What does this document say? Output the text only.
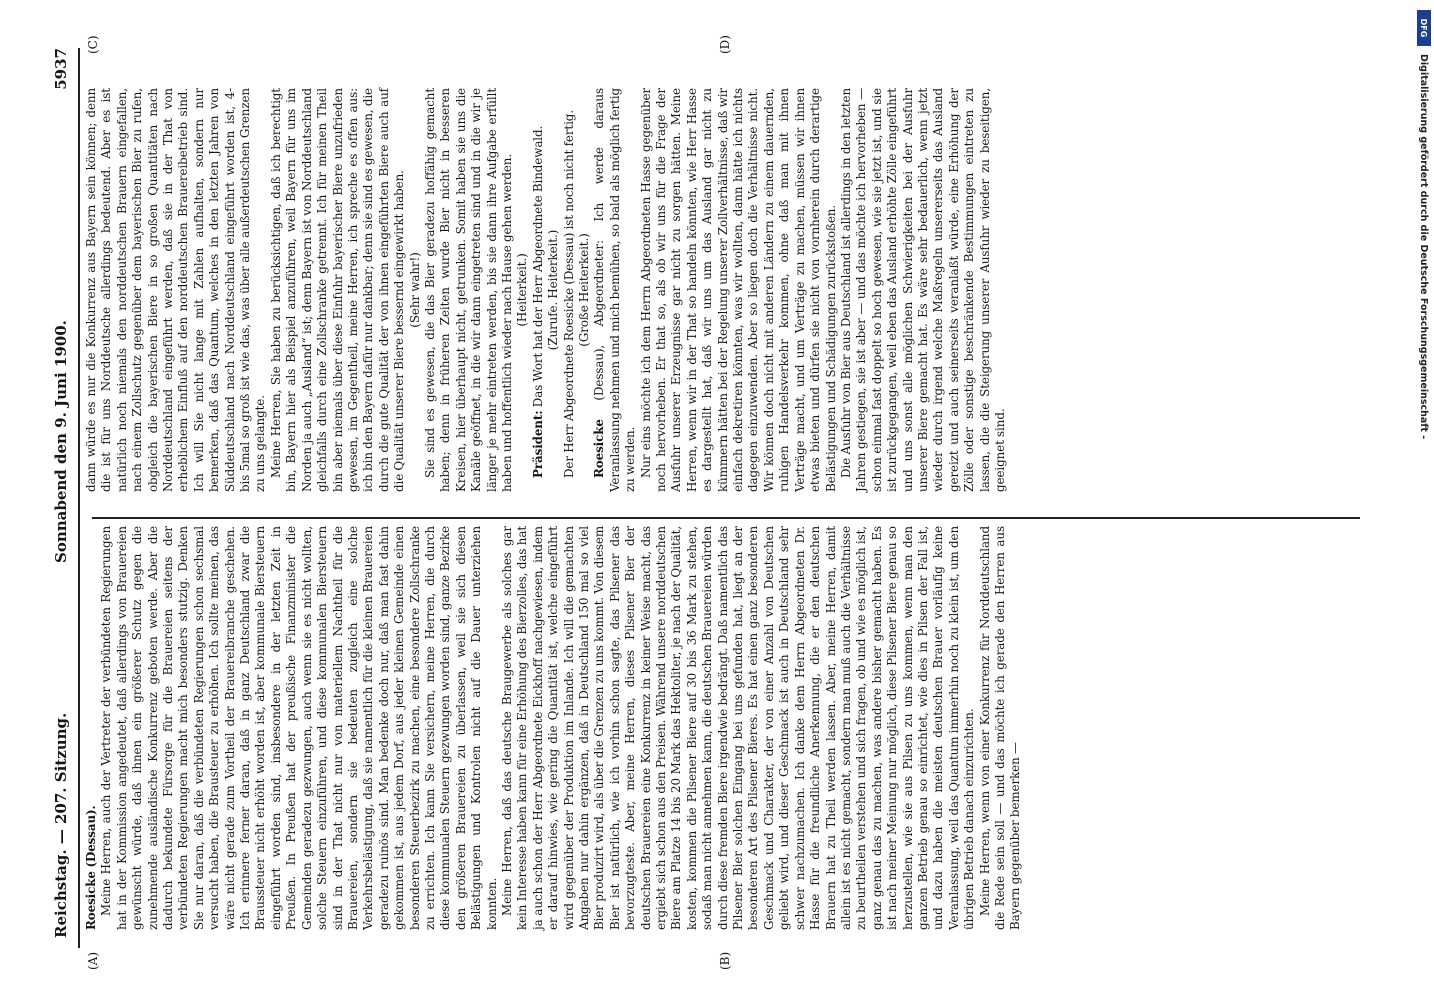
Reichstag. — 207. Sitzung.
Sonnabend den 9. Juni 1900.
5937
(A)	(B)
(C)	(D)

Roesicke (Dessau). Meine Herren, auch der Vertreter der verbündeten Regierungen hat in der Kommission angedeutet, daß allerdings von Brauereien gewünscht würde, daß ihnen ein größerer Schutz gegen die zunehmende ausländische Konkurrenz geboten werde. Aber die dadurch bekundete Fürsorge für die Brauereien seitens der verbündeten Regierungen macht mich besonders stutzig. Denken Sie nur daran, daß die verbündeten Regierungen schon sechsmal versucht haben, die Brausteuer zu erhöhen. Ich sollte meinen, das wäre nicht gerade zum Vortheil der Brauereibranche geschehen. Ich erinnere ferner daran, daß in ganz Deutschland zwar die Braussteuer nicht erhöht worden ist, aber kommunale Biersteuern eingeführt worden sind, insbesondere in der letzten Zeit in Preußen. In Preußen hat der preußische Finanzminister die Gemeinden geradezu gezwungen, auch wenn sie es nicht wollten, solche Steuern einzuführen, und diese kommunalen Biersteuern sind in der That nicht nur von materiellem Nachtheil für die Brauereien, sondern sie bedeuten zugleich eine solche Verkehrsbelästigung, daß sie namentlich für die kleinen Brauereien geradezu ruinös sind. Man bedenke doch nur, daß man fast dahin gekommen ist, aus jedem Dorf, aus jeder kleinen Gemeinde einen besonderen Steuerbezirk zu machen, eine besondere Zollschranke zu errichten. Ich kann Sie versichern, meine Herren, die durch diese kommunalen Steuern gezwungen worden sind, ganze Bezirke den größeren Brauereien zu überlassen, weil sie sich diesen Belästigungen und Kontrolen nicht auf die Dauer unterziehen konnten. Meine Herren, daß das deutsche Braugewerbe als solches gar kein Interesse haben kann für eine Erhöhung des Bierzolles, das hat ja auch schon der Herr Abgeordnete Eickhoff nachgewiesen, indem er darauf hinwies, wie gering die Quantität ist, welche eingeführt wird gegenüber der Produktion im Inlande. Ich will die gemachten Angaben nur dahin ergänzen, daß in Deutschland 150 mal so viel Bier produzirt wird, als über die Grenzen zu uns kommt. Von diesem Bier ist natürlich, wie ich vorhin schon sagte, das Pilsener das bevorzugteste. Aber, meine Herren, dieses Pilsener Bier der deutschen Brauereien eine Konkurrenz in keiner Weise macht, das ergiebt sich schon aus den Preisen. Während unsere norddeutschen Biere am Platze 14 bis 20 Mark das Hektoliter, je nach der Qualität, kosten, kommen die Pilsener Biere auf 30 bis 36 Mark zu stehen, sodaß man nicht annehmen kann, die deutschen Brauereien würden durch diese fremden Biere irgendwie bedrängt. Daß namentlich das Pilsener Bier solchen Eingang bei uns gefunden hat, liegt an der besonderen Art des Pilsener Bieres. Es hat einen ganz besonderen Geschmack und Charakter, der von einer Anzahl von Deutschen geliebt wird, und dieser Geschmack ist auch in Deutschland sehr schwer nachzumachen. Ich danke dem Herrn Abgeordneten Dr. Hasse für die freundliche Anerkennung, die er den deutschen Brauern hat zu Theil werden lassen. Aber, meine Herren, damit allein ist es nicht gemacht, sondern man muß auch die Verhältnisse zu beurtheilen verstehen und sich fragen, ob und wie es möglich ist, ganz genau das zu machen, was andere bisher gemacht haben. Es ist nach meiner Meinung nur möglich, diese Pilsener Biere genau so herzustellen, wie sie aus Pilsen zu uns kommen, wenn man den ganzen Betrieb genau so einrichtet, wie dies in Pilsen der Fall ist, und dazu haben die meisten deutschen Brauer vorläufig keine Veranlassung, weil das Quantum immerhin noch zu klein ist, um den übrigen Betrieb danach einzurichten. Meine Herren, wenn von einer Konkurrenz für Norddeutschland die Rede sein soll — und das möchte ich gerade den Herren aus Bayern gegenüber bemerken —

dann würde es nur die Konkurrenz aus Bayern sein können; denn die ist für uns Norddeutsche allerdings bedeutend. Aber es ist natürlich noch niemals den norddeutschen Brauern eingefallen, nach einem Zollschutz gegenüber dem bayerischen Bier zu rufen, obgleich die bayerischen Biere in so großen Quantitäten nach Norddeutschland eingeführt werden, daß sie in der That von erheblichem Einfluß auf den norddeutschen Brauereibetrieb sind. Ich will Sie nicht lange mit Zahlen aufhalten, sondern nur bemerken, daß das Quantum, welches in den letzten Jahren von Süddeutschland nach Norddeutschland eingeführt worden ist, 4- bis 5mal so groß ist wie das, was über alle außerdeutschen Grenzen zu uns gelangte. Meine Herren, Sie haben zu berücksichtigen, daß ich berechtigt bin, Bayern hier als Beispiel anzuführen, weil Bayern für uns im Norden ja auch „Ausland“ ist; denn Bayern ist von Norddeutschland gleichfalls durch eine Zollschranke getrennt. Ich für meinen Theil bin aber niemals über diese Einfuhr bayerischer Biere unzufrieden gewesen, im Gegentheil, meine Herren, ich spreche es offen aus: ich bin den Bayern dafür nur dankbar; denn sie sind es gewesen, die durch die gute Qualität der von ihnen eingeführten Biere auch auf die Qualität unserer Biere bessernd eingewirkt haben. (Sehr wahr!) Sie sind es gewesen, die das Bier geradezu hoffähig gemacht haben; denn in früheren Zeiten wurde Bier nicht in besseren Kreisen, hier überhaupt nicht, getrunken. Somit haben sie uns die Kanäle geöffnet, in die wir dann eingetreten sind und in die wir je länger je mehr eintreten werden, bis sie dann ihre Aufgabe erfüllt haben und hoffentlich wieder nach Hause gehen werden. (Heiterkeit.)

Präsident: Das Wort hat der Herr Abgeordnete Bindewald. (Zurufe. Heiterkeit.) Der Herr Abgeordnete Roesicke (Dessau) ist noch nicht fertig. (Große Heiterkeit.)

Roesicke (Dessau), Abgeordneter: Ich werde daraus Veranlassung nehmen und mich bemühen, so bald als möglich fertig zu werden. Nur eins möchte ich dem Herrn Abgeordneten Hasse gegenüber noch hervorheben. Er that so, als ob wir uns für die Frage der Ausfuhr unserer Erzeugnisse gar nicht zu sorgen hätten. Meine Herren, wenn wir in der That so handeln könnten, wie Herr Hasse es dargestellt hat, daß wir uns um das Ausland gar nicht zu kümmern hätten bei der Regelung unserer Zollverhältnisse, daß wir einfach dekretiren könnten, was wir wollten, dann hätte ich nichts dagegen einzuwenden. Aber so liegen doch die Verhältnisse nicht. Wir können doch nicht mit anderen Ländern zu einem dauernden, ruhigen Handelsverkehr kommen, ohne daß man mit ihnen Verträge macht, und um Verträge zu machen, müssen wir ihnen etwas bieten und dürfen sie nicht von vornherein durch derartige Belästigungen und Schädigungen zurückstoßen. Die Ausfuhr von Bier aus Deutschland ist allerdings in den letzten Jahren gestiegen, sie ist aber — und das möchte ich hervorheben — schon einmal fast doppelt so hoch gewesen, wie sie jetzt ist, und sie ist zurückgegangen, weil eben das Ausland erhöhte Zölle eingeführt und uns sonst alle möglichen Schwierigkeiten bei der Ausfuhr unserer Biere gemacht hat. Es wäre sehr bedauerlich, wenn jetzt wieder durch irgend welche Maßregeln unsererseits das Ausland gereizt und auch seinerseits veranlaßt würde, eine Erhöhung der Zölle oder sonstige beschränkende Bestimmungen eintreten zu lassen, die die Steigerung unserer Ausfuhr wieder zu beseitigen, geeignet sind.

DFG
Digitalisierung gefördert durch die Deutsche Forschungsgemeinschaft -
